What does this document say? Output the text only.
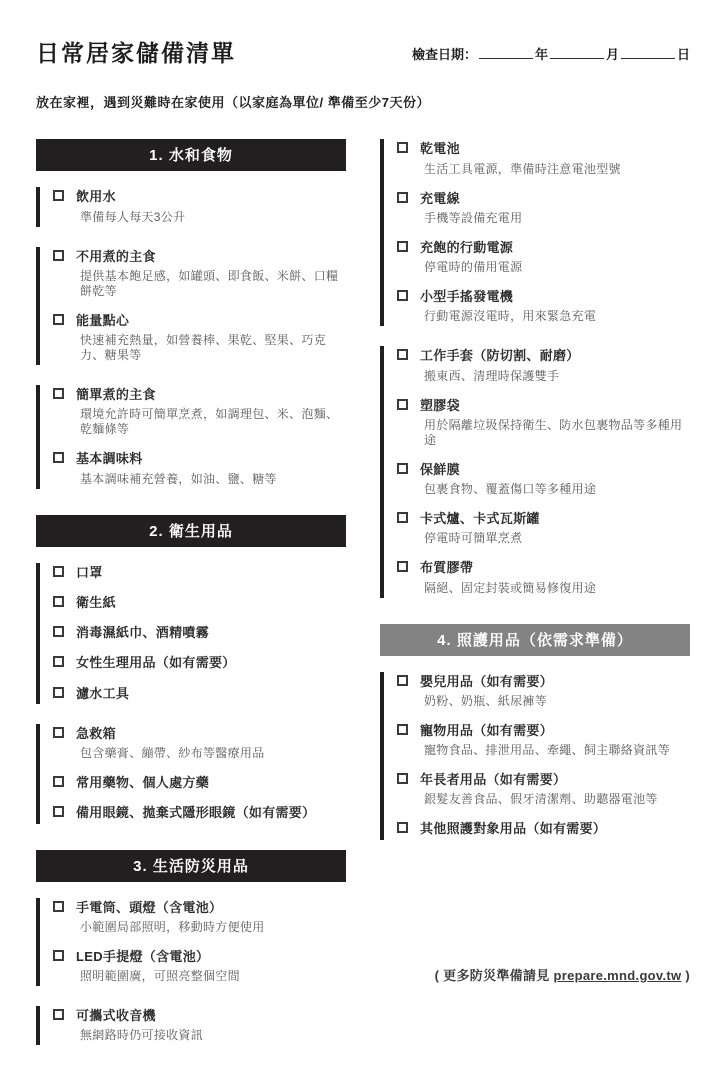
日常居家儲備清單	檢查日期：	年	月	日
放在家裡，遇到災難時在家使用（以家庭為單位/ 準備至少7天份）
1. 水和食物
飲用水
準備每人每天3公升
不用煮的主食
提供基本飽足感，如罐頭、即食飯、米餅、口糧餅乾等
能量點心
快速補充熱量，如營養棒、果乾、堅果、巧克力、糖果等
簡單煮的主食
環境允許時可簡單烹煮，如調理包、米、泡麵、乾麵條等
基本調味料
基本調味補充營養，如油、鹽、糖等
2. 衛生用品
口罩
衛生紙
消毒濕紙巾、酒精噴霧
女性生理用品（如有需要）
濾水工具
急救箱
包含藥膏、繃帶、紗布等醫療用品
常用藥物、個人處方藥
備用眼鏡、拋棄式隱形眼鏡（如有需要）
3. 生活防災用品
手電筒、頭燈（含電池）
小範圍局部照明，移動時方便使用
LED手提燈（含電池）
照明範圍廣，可照亮整個空間
可攜式收音機
無網路時仍可接收資訊
乾電池
生活工具電源，準備時注意電池型號
充電線
手機等設備充電用
充飽的行動電源
停電時的備用電源
小型手搖發電機
行動電源沒電時，用來緊急充電
工作手套（防切割、耐磨）
搬東西、清理時保護雙手
塑膠袋
用於隔離垃圾保持衛生、防水包裹物品等多種用途
保鮮膜
包裹食物、覆蓋傷口等多種用途
卡式爐、卡式瓦斯罐
停電時可簡單烹煮
布質膠帶
隔絕、固定封裝或簡易修復用途
4. 照護用品（依需求準備）
嬰兒用品（如有需要）
奶粉、奶瓶、紙尿褲等
寵物用品（如有需要）
寵物食品、排泄用品、牽繩、飼主聯絡資訊等
年長者用品（如有需要）
銀髮友善食品、假牙清潔劑、助聽器電池等
其他照護對象用品（如有需要）
( 更多防災準備請見 prepare.mnd.gov.tw )
